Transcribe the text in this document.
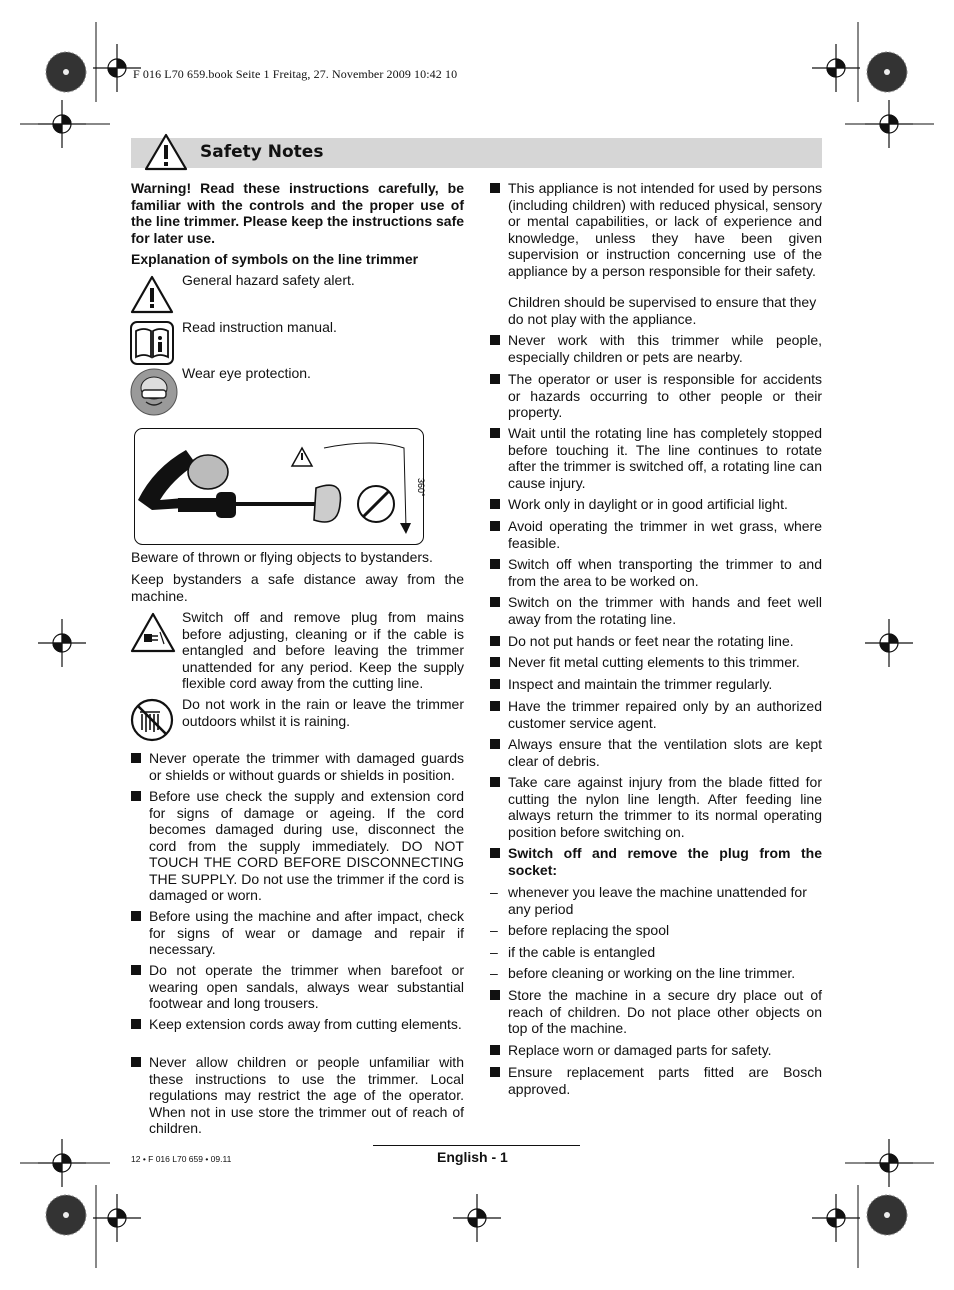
F 016 L70 659.book Seite 1 Freitag, 27. November 2009 10:42 10
Safety Notes
Warning! Read these instructions carefully, be familiar with the controls and the proper use of the line trimmer. Please keep the instructions safe for later use.
Explanation of symbols on the line trimmer
General hazard safety alert.
Read instruction manual.
Wear eye protection.
360°
Beware of thrown or flying objects to bystanders.
Keep bystanders a safe distance away from the machine.
Switch off and remove plug from mains before adjusting, cleaning or if the cable is entangled and before leaving the trimmer unattended for any period. Keep the supply flexible cord away from the cutting line.
Do not work in the rain or leave the trimmer outdoors whilst it is raining.
Never operate the trimmer with damaged guards or shields or without guards or shields in position.
Before use check the supply and extension cord for signs of damage or ageing. If the cord becomes damaged during use, disconnect the cord from the supply immediately. DO NOT TOUCH THE CORD BEFORE DISCONNECTING THE SUPPLY. Do not use the trimmer if the cord is damaged or worn.
Before using the machine and after impact, check for signs of wear or damage and repair if necessary.
Do not operate the trimmer when barefoot or wearing open sandals, always wear substantial footwear and long trousers.
Keep extension cords away from cutting elements.
Never allow children or people unfamiliar with these instructions to use the trimmer. Local regulations may restrict the age of the operator. When not in use store the trimmer out of reach of children.
This appliance is not intended for used by persons (including children) with reduced physical, sensory or mental capabilities, or lack of experience and knowledge, unless they have been given supervision or instruction concerning use of the appliance by a person responsible for their safety.
Children should be supervised to ensure that they do not play with the appliance.
Never work with this trimmer while people, especially children or pets are nearby.
The operator or user is responsible for accidents or hazards occurring to other people or their property.
Wait until the rotating line has completely stopped before touching it. The line continues to rotate after the trimmer is switched off, a rotating line can cause injury.
Work only in daylight or in good artificial light.
Avoid operating the trimmer in wet grass, where feasible.
Switch off when transporting the trimmer to and from the area to be worked on.
Switch on the trimmer with hands and feet well away from the rotating line.
Do not put hands or feet near the rotating line.
Never fit metal cutting elements to this trimmer.
Inspect and maintain the trimmer regularly.
Have the trimmer repaired only by an authorized customer service agent.
Always ensure that the ventilation slots are kept clear of debris.
Take care against injury from the blade fitted for cutting the nylon line length. After feeding line always return the trimmer to its normal operating position before switching on.
Switch off and remove the plug from the socket:
– whenever you leave the machine unattended for any period
– before replacing the spool
– if the cable is entangled
– before cleaning or working on the line trimmer.
Store the machine in a secure dry place out of reach of children. Do not place other objects on top of the machine.
Replace worn or damaged parts for safety.
Ensure replacement parts fitted are Bosch approved.
12 • F 016 L70 659 • 09.11	English - 1
